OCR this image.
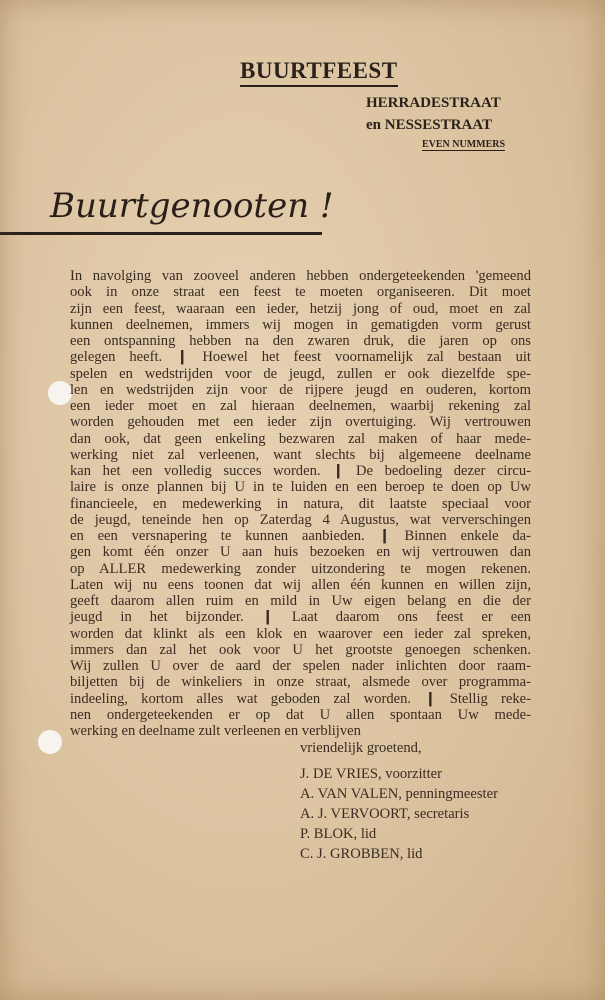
BUURTFEEST
HERRADESTRAAT
en NESSESTRAAT
EVEN NUMMERS
Buurtgenooten !
In navolging van zooveel anderen hebben ondergeteekenden 'gemeend
ook in onze straat een feest te moeten organiseeren. Dit moet
zijn een feest, waaraan een ieder, hetzij jong of oud, moet en zal
kunnen deelnemen, immers wij mogen in gematigden vorm gerust
een ontspanning hebben na den zwaren druk, die jaren op ons
gelegen heeft. ❙ Hoewel het feest voornamelijk zal bestaan uit
spelen en wedstrijden voor de jeugd, zullen er ook diezelfde spe-
len en wedstrijden zijn voor de rijpere jeugd en ouderen, kortom
een ieder moet en zal hieraan deelnemen, waarbij rekening zal
worden gehouden met een ieder zijn overtuiging. Wij vertrouwen
dan ook, dat geen enkeling bezwaren zal maken of haar mede-
werking niet zal verleenen, want slechts bij algemeene deelname
kan het een volledig succes worden. ❙ De bedoeling dezer circu-
laire is onze plannen bij U in te luiden en een beroep te doen op Uw
financieele, en medewerking in natura, dit laatste speciaal voor
de jeugd, teneinde hen op Zaterdag 4 Augustus, wat ververschingen
en een versnapering te kunnen aanbieden. ❙ Binnen enkele da-
gen komt één onzer U aan huis bezoeken en wij vertrouwen dan
op ALLER medewerking zonder uitzondering te mogen rekenen.
Laten wij nu eens toonen dat wij allen één kunnen en willen zijn,
geeft daarom allen ruim en mild in Uw eigen belang en die der
jeugd in het bijzonder. ❙ Laat daarom ons feest er een
worden dat klinkt als een klok en waarover een ieder zal spreken,
immers dan zal het ook voor U het grootste genoegen schenken.
Wij zullen U over de aard der spelen nader inlichten door raam-
biljetten bij de winkeliers in onze straat, alsmede over programma-
indeeling, kortom alles wat geboden zal worden. ❙ Stellig reke-
nen ondergeteekenden er op dat U allen spontaan Uw mede-
werking en deelname zult verleenen en verblijven
vriendelijk groetend,
J. DE VRIES, voorzitter
A. VAN VALEN, penningmeester
A. J. VERVOORT, secretaris
P. BLOK, lid
C. J. GROBBEN, lid
